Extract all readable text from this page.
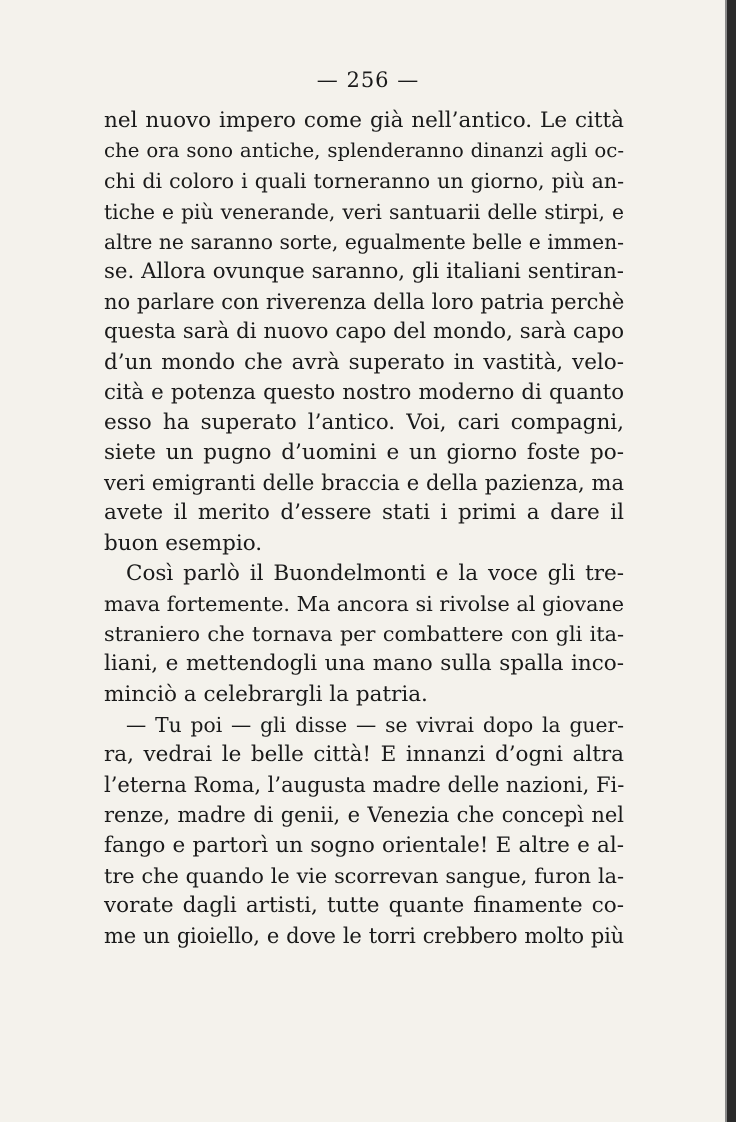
— 256 —
nel nuovo impero come già nell’antico. Le città
che ora sono antiche, splenderanno dinanzi agli oc-
chi di coloro i quali torneranno un giorno, più an-
tiche e più venerande, veri santuarii delle stirpi, e
altre ne saranno sorte, egualmente belle e immen-
se. Allora ovunque saranno, gli italiani sentiran-
no parlare con riverenza della loro patria perchè
questa sarà di nuovo capo del mondo, sarà capo
d’un mondo che avrà superato in vastità, velo-
cità e potenza questo nostro moderno di quanto
esso ha superato l’antico. Voi, cari compagni,
siete un pugno d’uomini e un giorno foste po-
veri emigranti delle braccia e della pazienza, ma
avete il merito d’essere stati i primi a dare il
buon esempio.
Così parlò il Buondelmonti e la voce gli tre-
mava fortemente. Ma ancora si rivolse al giovane
straniero che tornava per combattere con gli ita-
liani, e mettendogli una mano sulla spalla inco-
minciò a celebrargli la patria.
— Tu poi — gli disse — se vivrai dopo la guer-
ra, vedrai le belle città! E innanzi d’ogni altra
l’eterna Roma, l’augusta madre delle nazioni, Fi-
renze, madre di genii, e Venezia che concepì nel
fango e partorì un sogno orientale! E altre e al-
tre che quando le vie scorrevan sangue, furon la-
vorate dagli artisti, tutte quante finamente co-
me un gioiello, e dove le torri crebbero molto più
